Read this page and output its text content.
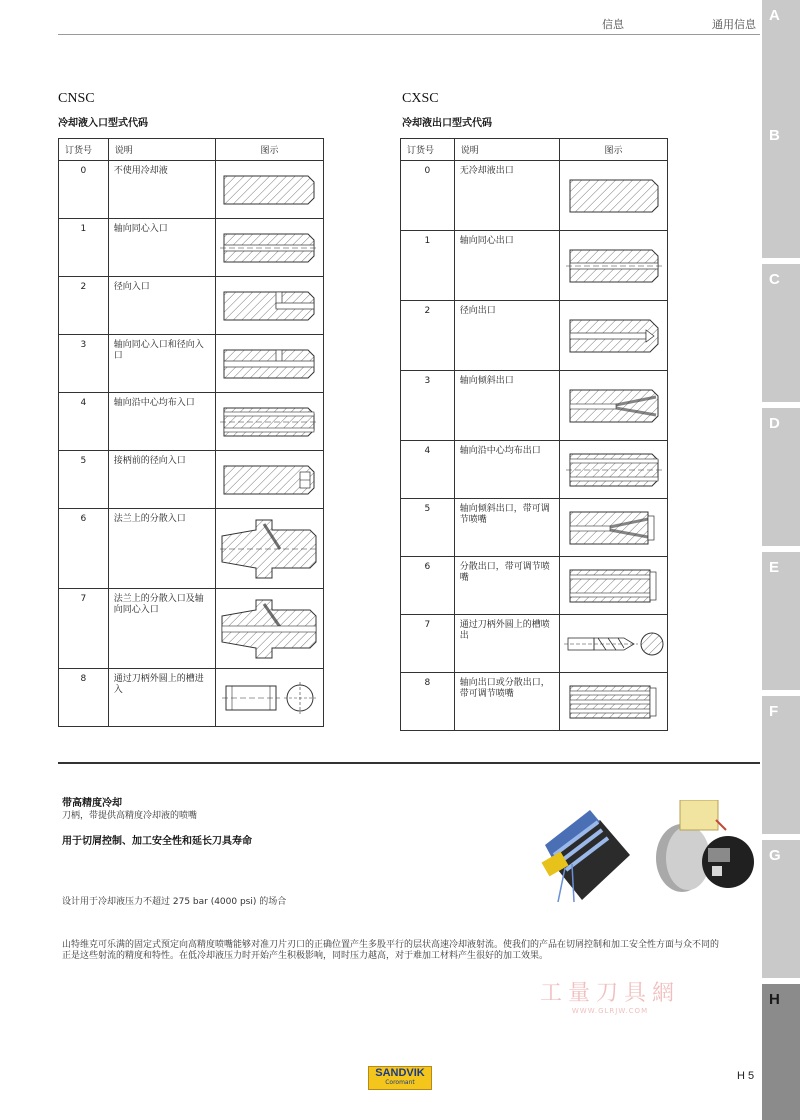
信息	通用信息
A
B
C
D
E
F
G
H
CNSC
冷却液入口型式代码
订货号	说明	图示
0	不使用冷却液	

1	轴向同心入口	

2	径向入口	

3	轴向同心入口和径向入口	

4	轴向沿中心均布入口	

5	接柄前的径向入口	

6	法兰上的分散入口	

7	法兰上的分散入口及轴向同心入口	

8	通过刀柄外圆上的槽进入	
CXSC
冷却液出口型式代码
订货号	说明	图示
0	无冷却液出口	

1	轴向同心出口	

2	径向出口	

3	轴向倾斜出口	

4	轴向沿中心均布出口	

5	轴向倾斜出口，带可调节喷嘴	

6	分散出口，带可调节喷嘴	

7	通过刀柄外圆上的槽喷出	

8	轴向出口或分散出口，带可调节喷嘴	
带高精度冷却
刀柄，带提供高精度冷却液的喷嘴
用于切屑控制、加工安全性和延长刀具寿命
设计用于冷却液压力不超过 275 bar (4000 psi) 的场合
山特维克可乐满的固定式预定向高精度喷嘴能够对准刀片刃口的正确位置产生多股平行的层状高速冷却液射流。使我们的产品在切屑控制和加工安全性方面与众不同的正是这些射流的精度和特性。在低冷却液压力时开始产生积极影响，同时压力越高，对于难加工材料产生很好的加工效果。
工量刀具網
WWW.GLRJW.COM
SANDVIK
Coromant
H 5
